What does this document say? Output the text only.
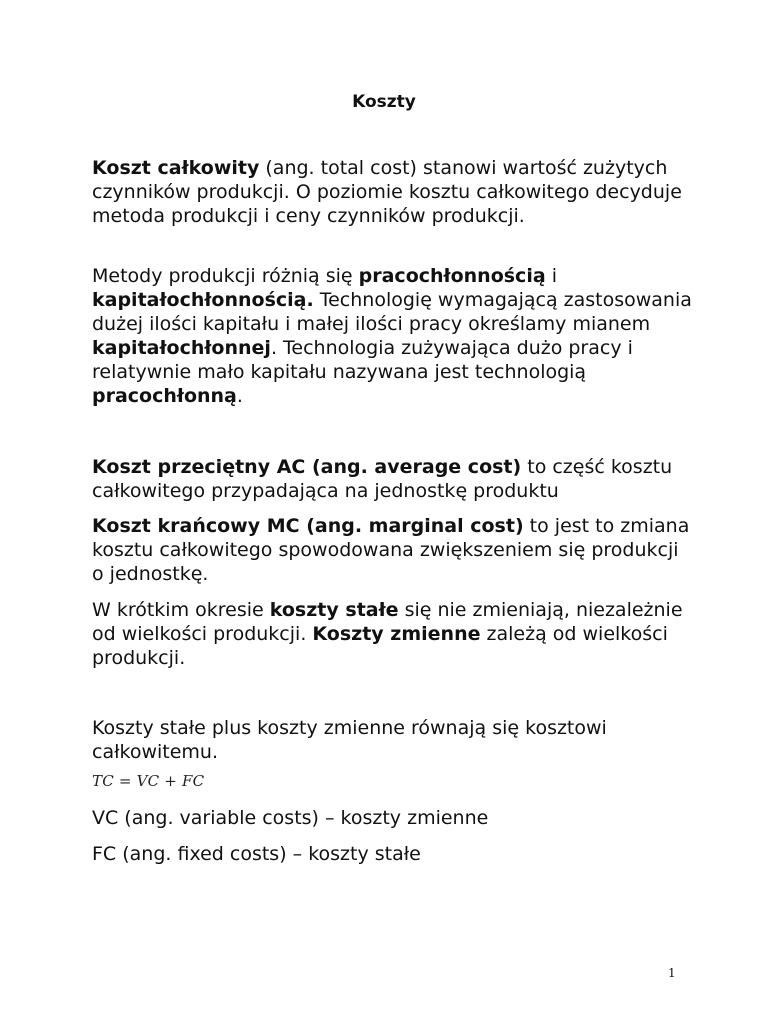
Koszty

Koszt całkowity (ang. total cost) stanowi wartość zużytych czynników produkcji. O poziomie kosztu całkowitego decyduje metoda produkcji i ceny czynników produkcji.

Metody produkcji różnią się pracochłonnością i kapitałochłonnością. Technologię wymagającą zastosowania dużej ilości kapitału i małej ilości pracy określamy mianem kapitałochłonnej. Technologia zużywająca dużo pracy i relatywnie mało kapitału nazywana jest technologią pracochłonną.

Koszt przeciętny AC (ang. average cost) to część kosztu całkowitego przypadająca na jednostkę produktu

Koszt krańcowy MC (ang. marginal cost) to jest to zmiana kosztu całkowitego spowodowana zwiększeniem się produkcji o jednostkę.

W krótkim okresie koszty stałe się nie zmieniają, niezależnie od wielkości produkcji. Koszty zmienne zależą od wielkości produkcji.

Koszty stałe plus koszty zmienne równają się kosztowi całkowitemu.

TC = VC + FC

VC (ang. variable costs) – koszty zmienne

FC (ang. fixed costs) – koszty stałe

1
